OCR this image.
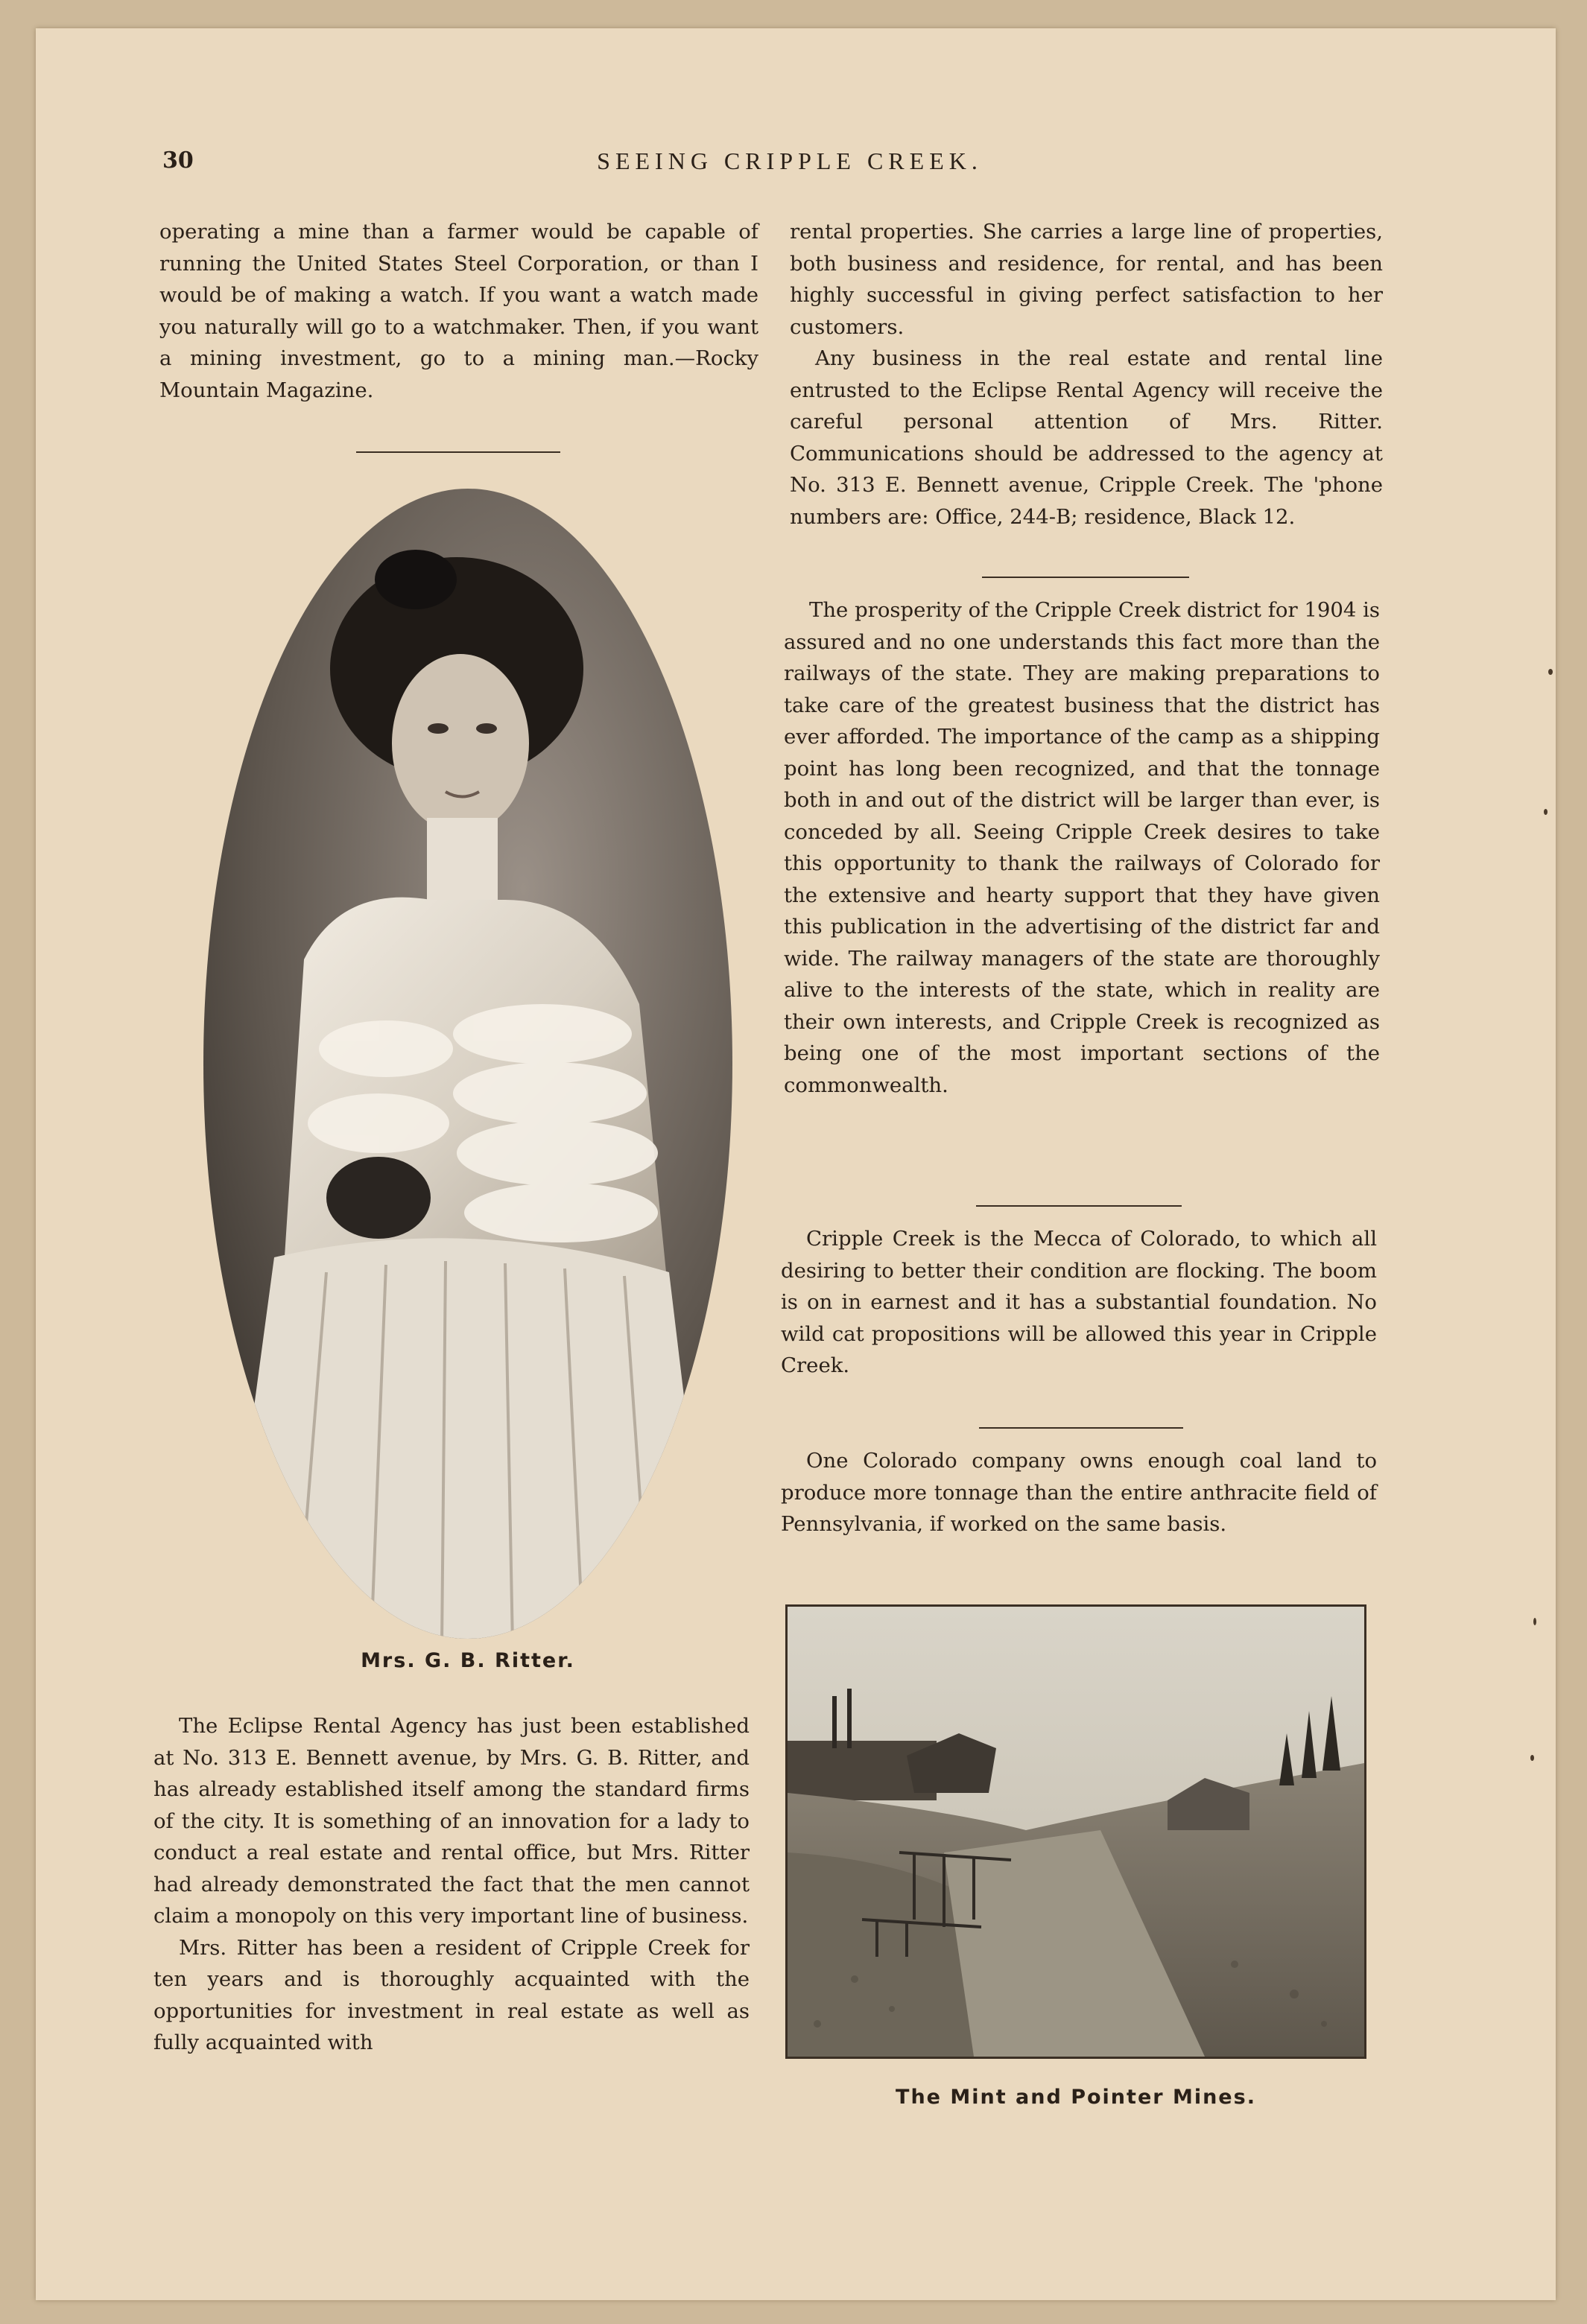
30	SEEING CRIPPLE CREEK.

operating a mine than a farmer would be capable of running the United States Steel Corporation, or than I would be of making a watch. If you want a watch made you naturally will go to a watchmaker. Then, if you want a mining investment, go to a mining man.—Rocky Mountain Magazine.

Mrs. G. B. Ritter.

The Eclipse Rental Agency has just been established at No. 313 E. Bennett avenue, by Mrs. G. B. Ritter, and has already established itself among the standard firms of the city. It is something of an innovation for a lady to conduct a real estate and rental office, but Mrs. Ritter had already demonstrated the fact that the men cannot claim a monopoly on this very important line of business.

Mrs. Ritter has been a resident of Cripple Creek for ten years and is thoroughly acquainted with the opportunities for investment in real estate as well as fully acquainted with

rental properties. She carries a large line of properties, both business and residence, for rental, and has been highly successful in giving perfect satisfaction to her customers.

Any business in the real estate and rental line entrusted to the Eclipse Rental Agency will receive the careful personal attention of Mrs. Ritter. Communications should be addressed to the agency at No. 313 E. Bennett avenue, Cripple Creek. The 'phone numbers are: Office, 244-B; residence, Black 12.

The prosperity of the Cripple Creek district for 1904 is assured and no one understands this fact more than the railways of the state. They are making preparations to take care of the greatest business that the district has ever afforded. The importance of the camp as a shipping point has long been recognized, and that the tonnage both in and out of the district will be larger than ever, is conceded by all. Seeing Cripple Creek desires to take this opportunity to thank the railways of Colorado for the extensive and hearty support that they have given this publication in the advertising of the district far and wide. The railway managers of the state are thoroughly alive to the interests of the state, which in reality are their own interests, and Cripple Creek is recognized as being one of the most important sections of the commonwealth.

Cripple Creek is the Mecca of Colorado, to which all desiring to better their condition are flocking. The boom is on in earnest and it has a substantial foundation. No wild cat propositions will be allowed this year in Cripple Creek.

One Colorado company owns enough coal land to produce more tonnage than the entire anthracite field of Pennsylvania, if worked on the same basis.

The Mint and Pointer Mines.
